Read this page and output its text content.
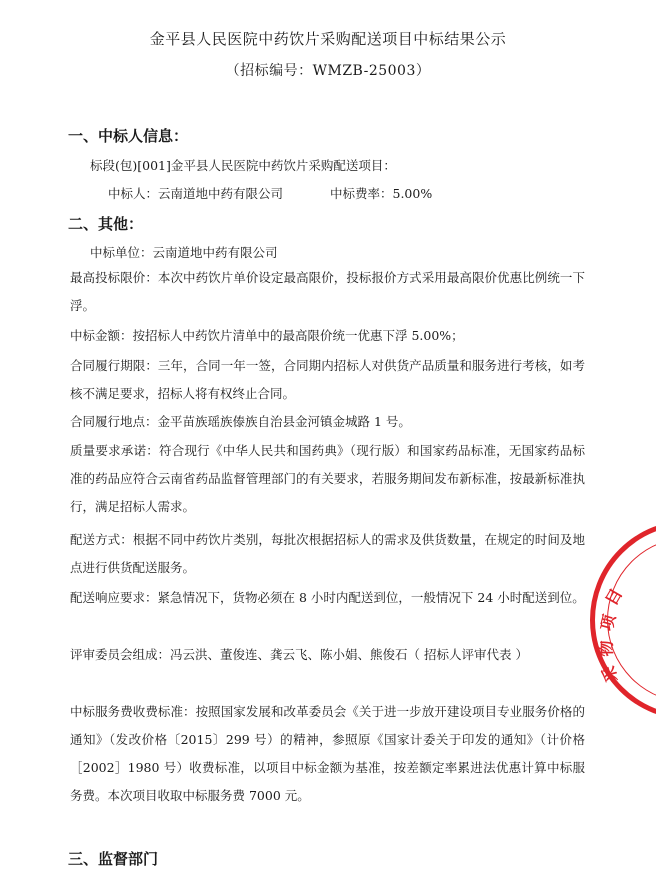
金平县人民医院中药饮片采购配送项目中标结果公示
（招标编号：WMZB-25003）
一、中标人信息：
标段(包)[001]金平县人民医院中药饮片采购配送项目：
中标人：云南道地中药有限公司	中标费率：5.00%
二、其他：
中标单位：云南道地中药有限公司
最高投标限价：本次中药饮片单价设定最高限价，投标报价方式采用最高限价优惠比例统一下浮。
中标金额：按招标人中药饮片清单中的最高限价统一优惠下浮 5.00%；
合同履行期限：三年，合同一年一签，合同期内招标人对供货产品质量和服务进行考核，如考核不满足要求，招标人将有权终止合同。
合同履行地点：金平苗族瑶族傣族自治县金河镇金城路 1 号。
质量要求承诺：符合现行《中华人民共和国药典》（现行版）和国家药品标准，无国家药品标准的药品应符合云南省药品监督管理部门的有关要求，若服务期间发布新标准，按最新标准执行，满足招标人需求。
配送方式：根据不同中药饮片类别，每批次根据招标人的需求及供货数量，在规定的时间及地点进行供货配送服务。
配送响应要求：紧急情况下，货物必须在 8 小时内配送到位，一般情况下 24 小时配送到位。
评审委员会组成：冯云洪、董俊连、龚云飞、陈小娟、熊俊石（ 招标人评审代表 ）
中标服务费收费标准：按照国家发展和改革委员会《关于进一步放开建设项目专业服务价格的通知》（发改价格〔2015〕299 号）的精神，参照原《国家计委关于印发的通知》（计价格［2002］1980 号）收费标准，以项目中标金额为基准，按差额定率累进法优惠计算中标服务费。本次项目收取中标服务费 7000 元。
三、监督部门
目
项
物
采
